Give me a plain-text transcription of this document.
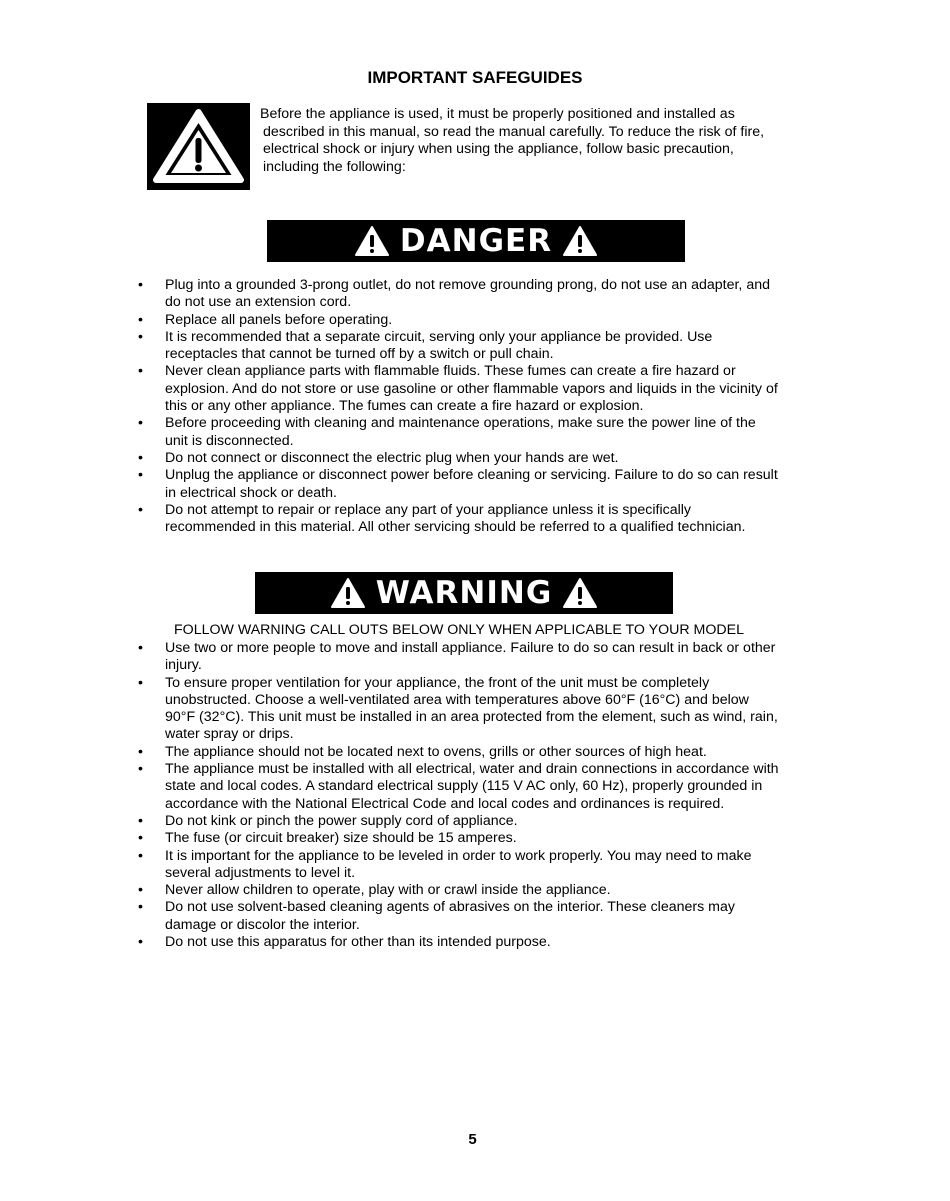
IMPORTANT SAFEGUIDES
Before the appliance is used, it must be properly positioned and installed as
described in this manual, so read the manual carefully. To reduce the risk of fire,
electrical shock or injury when using the appliance, follow basic precaution,
including the following:
DANGER
• Plug into a grounded 3-prong outlet, do not remove grounding prong, do not use an adapter, and
do not use an extension cord.
• Replace all panels before operating.
• It is recommended that a separate circuit, serving only your appliance be provided. Use
receptacles that cannot be turned off by a switch or pull chain.
• Never clean appliance parts with flammable fluids. These fumes can create a fire hazard or
explosion. And do not store or use gasoline or other flammable vapors and liquids in the vicinity of
this or any other appliance. The fumes can create a fire hazard or explosion.
• Before proceeding with cleaning and maintenance operations, make sure the power line of the
unit is disconnected.
• Do not connect or disconnect the electric plug when your hands are wet.
• Unplug the appliance or disconnect power before cleaning or servicing. Failure to do so can result
in electrical shock or death.
• Do not attempt to repair or replace any part of your appliance unless it is specifically
recommended in this material. All other servicing should be referred to a qualified technician.
WARNING
FOLLOW WARNING CALL OUTS BELOW ONLY WHEN APPLICABLE TO YOUR MODEL
• Use two or more people to move and install appliance. Failure to do so can result in back or other
injury.
• To ensure proper ventilation for your appliance, the front of the unit must be completely
unobstructed. Choose a well-ventilated area with temperatures above 60°F (16°C) and below
90°F (32°C). This unit must be installed in an area protected from the element, such as wind, rain,
water spray or drips.
• The appliance should not be located next to ovens, grills or other sources of high heat.
• The appliance must be installed with all electrical, water and drain connections in accordance with
state and local codes. A standard electrical supply (115 V AC only, 60 Hz), properly grounded in
accordance with the National Electrical Code and local codes and ordinances is required.
• Do not kink or pinch the power supply cord of appliance.
• The fuse (or circuit breaker) size should be 15 amperes.
• It is important for the appliance to be leveled in order to work properly. You may need to make
several adjustments to level it.
• Never allow children to operate, play with or crawl inside the appliance.
• Do not use solvent-based cleaning agents of abrasives on the interior. These cleaners may
damage or discolor the interior.
• Do not use this apparatus for other than its intended purpose.
5
